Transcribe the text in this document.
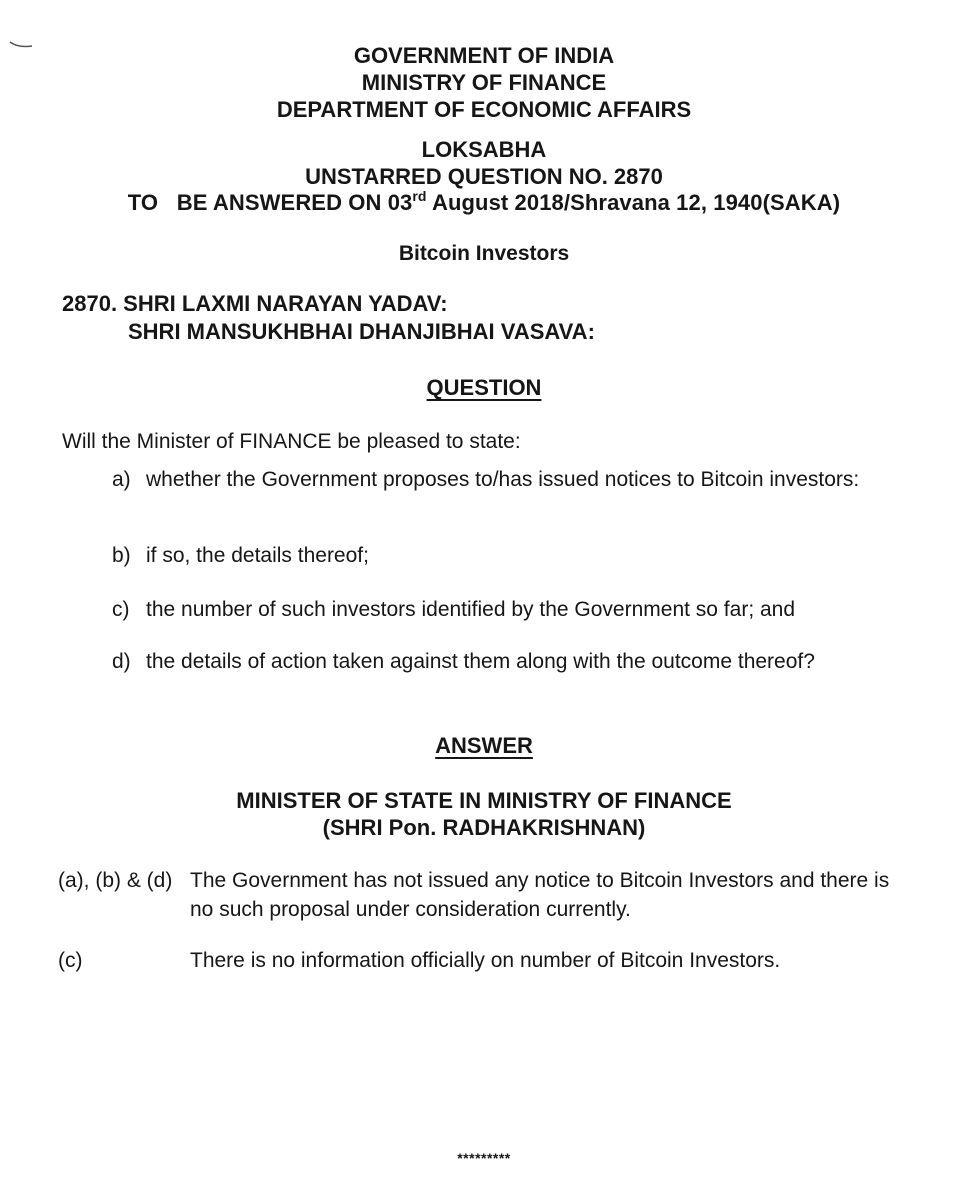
GOVERNMENT OF INDIA
MINISTRY OF FINANCE
DEPARTMENT OF ECONOMIC AFFAIRS
LOKSABHA
UNSTARRED QUESTION NO. 2870
TO   BE ANSWERED ON 03rd August 2018/Shravana 12, 1940(SAKA)
Bitcoin Investors
2870. SHRI LAXMI NARAYAN YADAV:
SHRI MANSUKHBHAI DHANJIBHAI VASAVA:
QUESTION
Will the Minister of FINANCE be pleased to state:
a) whether the Government proposes to/has issued notices to Bitcoin investors:
b) if so, the details thereof;
c) the number of such investors identified by the Government so far; and
d) the details of action taken against them along with the outcome thereof?
ANSWER
MINISTER OF STATE IN MINISTRY OF FINANCE
(SHRI Pon. RADHAKRISHNAN)
(a), (b) & (d) The Government has not issued any notice to Bitcoin Investors and there is no such proposal under consideration currently.
(c)	There is no information officially on number of Bitcoin Investors.
*********
